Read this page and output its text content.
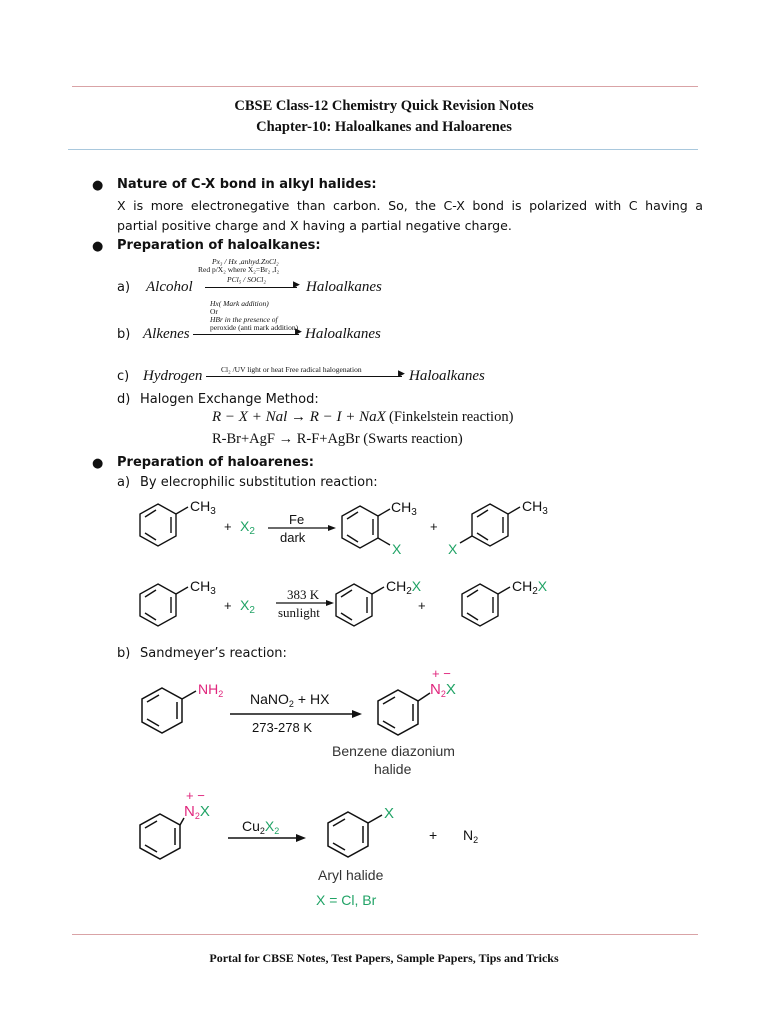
CBSE Class-12 Chemistry Quick Revision Notes
Chapter-10: Haloalkanes and Haloarenes
● Nature of C-X bond in alkyl halides:
X is more electronegative than carbon. So, the C-X bond is polarized with C having a
partial positive charge and X having a partial negative charge.
● Preparation of haloalkanes:
a) Alcohol
Px₃ / Hx ,anhyd.ZnCl₂
Red p/X₂ where X₂=Br₂ ,I₂
PCl₅ / SOCl₂
▶ Haloalkanes
Hx( Mark addition)
Or
HBr in the presence of
peroxide (anti mark addition)
b) Alkenes	▶ Haloalkanes
c) Hydrogen Cl₂ /UV light or heat Free radical halogenation	▶ Haloalkanes
d) Halogen Exchange Method:
R − X + Nal → R − I + NaX (Finkelstein reaction)
R-Br+AgF → R-F+AgBr (Swarts reaction)
● Preparation of haloarenes:
a) By elecrophilic substitution reaction:
$CH_3$
+ $X_2$
Fe
dark
$CH_3$
X
+
$CH_3$
X
$CH_3$
+ $X_2$
383 K
sunlight
$CH_2X$
+
$CH_2X$
b) Sandmeyer’s reaction:
$NH_2$ NaNO$_2$ + HX
273-278 K
+ −
$N_2X$
Benzene diazonium
halide
+ −
$N_2X$
$Cu_2X_2$
X
+ $N_2$
Aryl halide
X = Cl, Br
Portal for CBSE Notes, Test Papers, Sample Papers, Tips and Tricks
